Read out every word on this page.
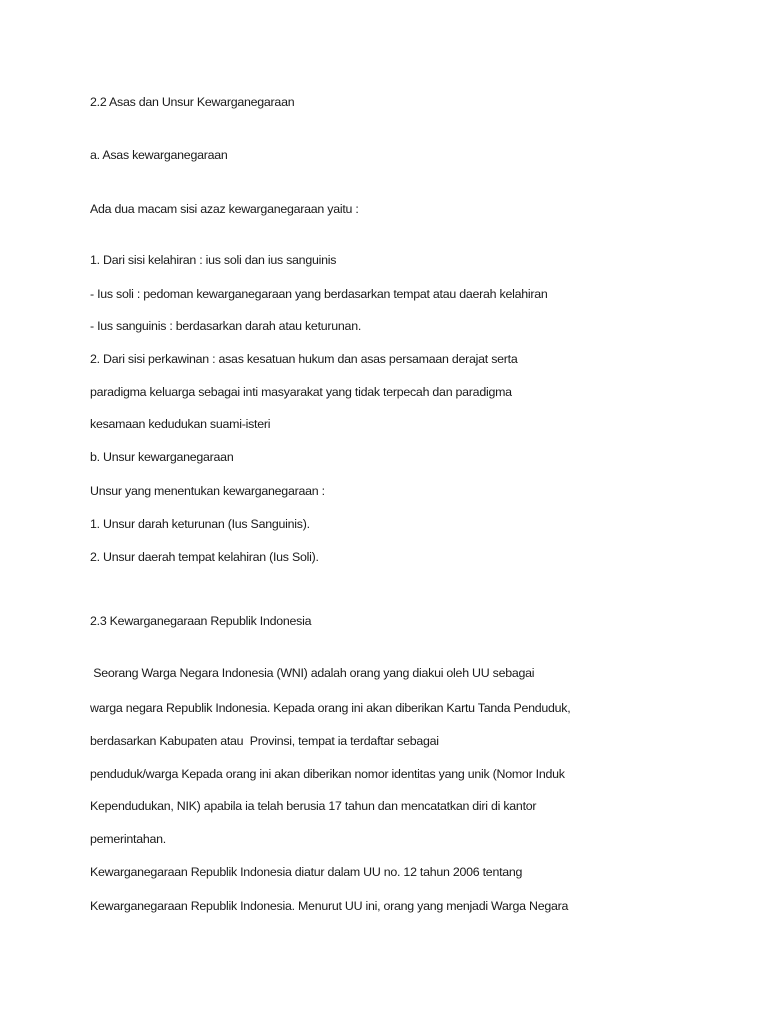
2.2 Asas dan Unsur Kewarganegaraan
a. Asas kewarganegaraan
Ada dua macam sisi azaz kewarganegaraan yaitu :
1. Dari sisi kelahiran : ius soli dan ius sanguinis
- Ius soli : pedoman kewarganegaraan yang berdasarkan tempat atau daerah kelahiran
- Ius sanguinis : berdasarkan darah atau keturunan.
2. Dari sisi perkawinan : asas kesatuan hukum dan asas persamaan derajat serta
paradigma keluarga sebagai inti masyarakat yang tidak terpecah dan paradigma
kesamaan kedudukan suami-isteri
b. Unsur kewarganegaraan
Unsur yang menentukan kewarganegaraan :
1. Unsur darah keturunan (Ius Sanguinis).
2. Unsur daerah tempat kelahiran (Ius Soli).
2.3 Kewarganegaraan Republik Indonesia
Seorang Warga Negara Indonesia (WNI) adalah orang yang diakui oleh UU sebagai
warga negara Republik Indonesia. Kepada orang ini akan diberikan Kartu Tanda Penduduk,
berdasarkan Kabupaten atau  Provinsi, tempat ia terdaftar sebagai
penduduk/warga Kepada orang ini akan diberikan nomor identitas yang unik (Nomor Induk
Kependudukan, NIK) apabila ia telah berusia 17 tahun dan mencatatkan diri di kantor
pemerintahan.
Kewarganegaraan Republik Indonesia diatur dalam UU no. 12 tahun 2006 tentang
Kewarganegaraan Republik Indonesia. Menurut UU ini, orang yang menjadi Warga Negara
